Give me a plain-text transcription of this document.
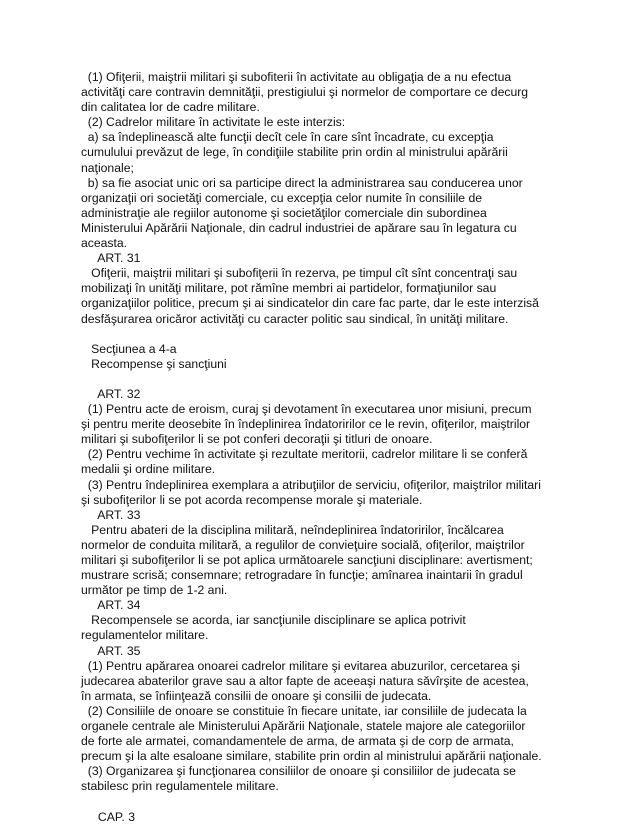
(1) Ofiţerii, maiştrii militari şi subofiterii în activitate au obligaţia de a nu efectua
activităţi care contravin demnităţii, prestigiului şi normelor de comportare ce decurg
din calitatea lor de cadre militare.
(2) Cadrelor militare în activitate le este interzis:
a) sa îndeplinească alte funcţii decît cele în care sînt încadrate, cu excepţia
cumulului prevăzut de lege, în condiţiile stabilite prin ordin al ministrului apărării
naţionale;
b) sa fie asociat unic ori sa participe direct la administrarea sau conducerea unor
organizaţii ori societăţi comerciale, cu excepţia celor numite în consiliile de
administraţie ale regiilor autonome şi societăţilor comerciale din subordinea
Ministerului Apărării Naţionale, din cadrul industriei de apărare sau în legatura cu
aceasta.
ART. 31
Ofiţerii, maiştrii militari şi subofiţerii în rezerva, pe timpul cît sînt concentraţi sau
mobilizaţi în unităţi militare, pot rămîne membri ai partidelor, formaţiunilor sau
organizaţiilor politice, precum şi ai sindicatelor din care fac parte, dar le este interzisă
desfăşurarea oricăror activităţi cu caracter politic sau sindical, în unităţi militare.
Secţiunea a 4-a
Recompense şi sancţiuni
ART. 32
(1) Pentru acte de eroism, curaj şi devotament în executarea unor misiuni, precum
şi pentru merite deosebite în îndeplinirea îndatoririlor ce le revin, ofiţerilor, maiştrilor
militari şi subofiţerilor li se pot conferi decoraţii şi titluri de onoare.
(2) Pentru vechime în activitate şi rezultate meritorii, cadrelor militare li se conferă
medalii şi ordine militare.
(3) Pentru îndeplinirea exemplara a atribuţiilor de serviciu, ofiţerilor, maiştrilor militari
şi subofiţerilor li se pot acorda recompense morale şi materiale.
ART. 33
Pentru abateri de la disciplina militară, neîndeplinirea îndatoririlor, încălcarea
normelor de conduita militară, a regulilor de convieţuire socială, ofiţerilor, maiştrilor
militari şi subofiţerilor li se pot aplica următoarele sancţiuni disciplinare: avertisment;
mustrare scrisă; consemnare; retrogradare în funcţie; amînarea inaintarii în gradul
următor pe timp de 1-2 ani.
ART. 34
Recompensele se acorda, iar sancţiunile disciplinare se aplica potrivit
regulamentelor militare.
ART. 35
(1) Pentru apărarea onoarei cadrelor militare şi evitarea abuzurilor, cercetarea şi
judecarea abaterilor grave sau a altor fapte de aceeaşi natura săvîrşite de acestea,
în armata, se înfiinţează consilii de onoare şi consilii de judecata.
(2) Consiliile de onoare se constituie în fiecare unitate, iar consiliile de judecata la
organele centrale ale Ministerului Apărării Naţionale, statele majore ale categoriilor
de forte ale armatei, comandamentele de arma, de armata şi de corp de armata,
precum şi la alte esaloane similare, stabilite prin ordin al ministrului apărării naţionale.
(3) Organizarea şi funcţionarea consiliilor de onoare şi consiliilor de judecata se
stabilesc prin regulamentele militare.
CAP. 3
